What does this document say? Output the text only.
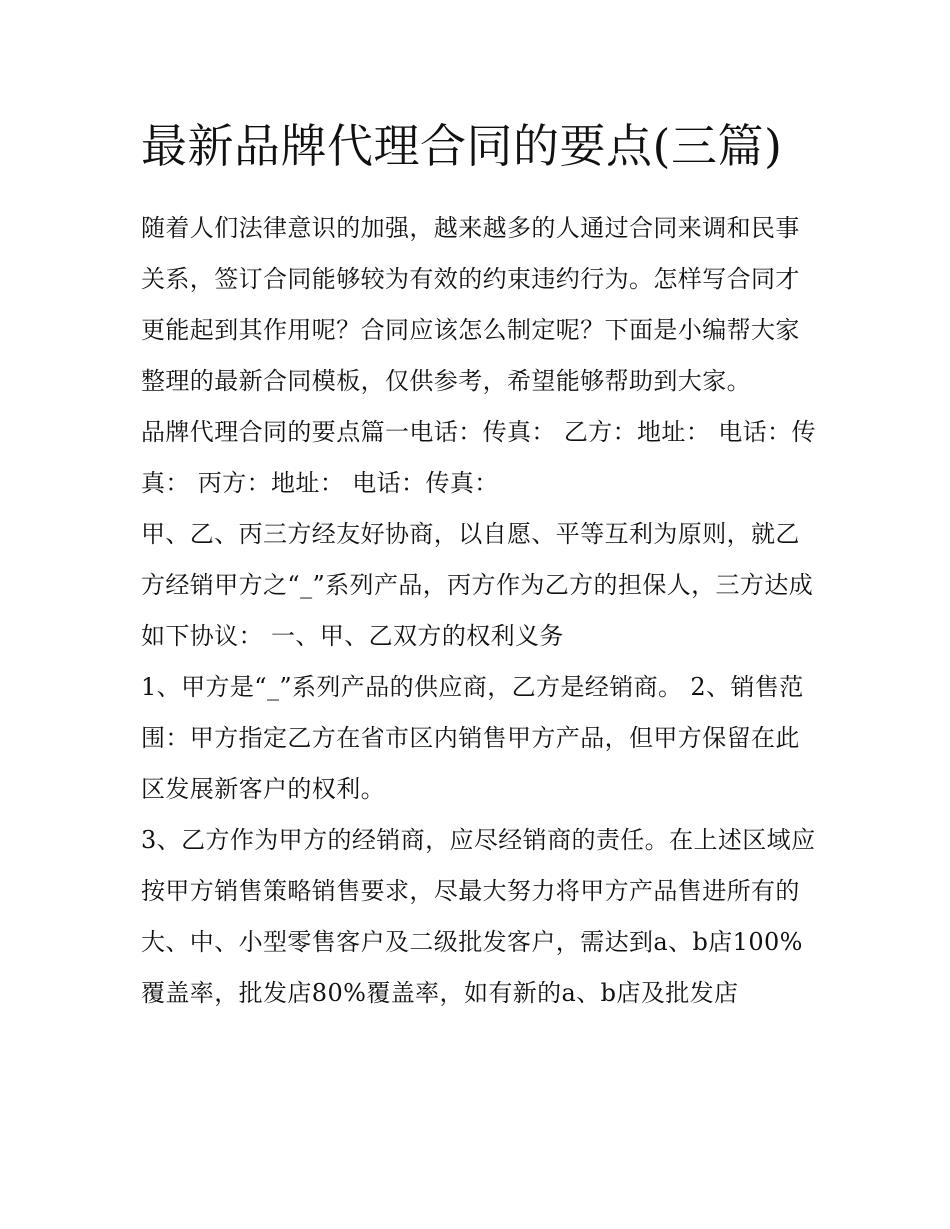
最新品牌代理合同的要点(三篇)

随着人们法律意识的加强，越来越多的人通过合同来调和民事关系，签订合同能够较为有效的约束违约行为。怎样写合同才更能起到其作用呢？合同应该怎么制定呢？下面是小编帮大家整理的最新合同模板，仅供参考，希望能够帮助到大家。

品牌代理合同的要点篇一电话：传真： 乙方：地址： 电话：传真： 丙方：地址： 电话：传真：

甲、乙、丙三方经友好协商，以自愿、平等互利为原则，就乙方经销甲方之“_”系列产品，丙方作为乙方的担保人，三方达成如下协议： 一、甲、乙双方的权利义务

1、甲方是“_”系列产品的供应商，乙方是经销商。 2、销售范围：甲方指定乙方在省市区内销售甲方产品，但甲方保留在此区发展新客户的权利。

3、乙方作为甲方的经销商，应尽经销商的责任。在上述区域应按甲方销售策略销售要求，尽最大努力将甲方产品售进所有的大、中、小型零售客户及二级批发客户，需达到a、b店100%覆盖率，批发店80%覆盖率，如有新的a、b店及批发店
